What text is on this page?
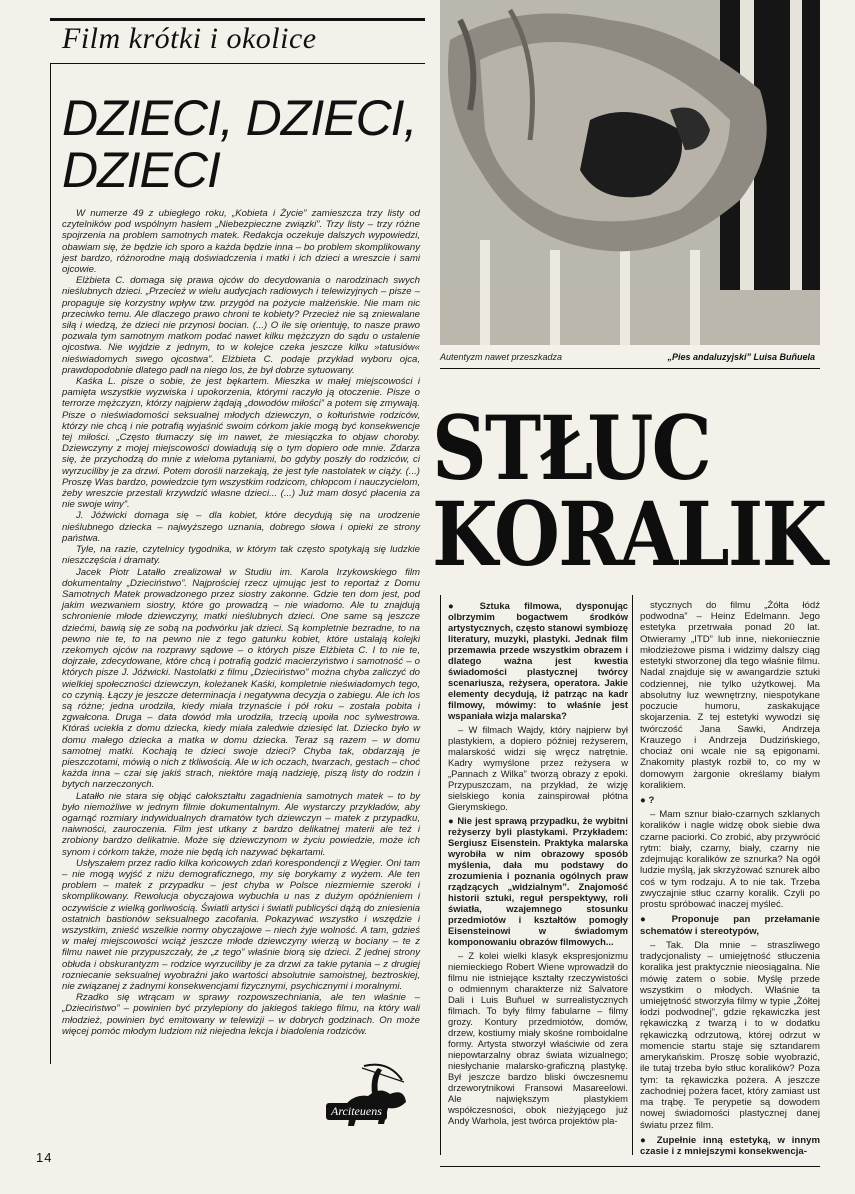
Film krótki i okolice
DZIECI, DZIECI,
DZIECI

W numerze 49 z ubiegłego roku, „Kobieta i Życie” zamieszcza trzy listy od czytelników pod wspólnym hasłem „Niebezpieczne związki”. Trzy listy – trzy różne spojrzenia na problem samotnych matek. Redakcja oczekuje dalszych wypowiedzi, obawiam się, że będzie ich sporo a każda będzie inna – bo problem skomplikowany jest bardzo, różnorodne mają doświadczenia i matki i ich dzieci a wreszcie i sami ojcowie.

Elżbieta C. domaga się prawa ojców do decydowania o narodzinach swych nieślubnych dzieci. „Przecież w wielu audycjach radiowych i telewizyjnych – pisze – propaguje się korzystny wpływ tzw. przygód na pożycie małżeńskie. Nie mam nic przeciwko temu. Ale dlaczego prawo chroni te kobiety? Przecież nie są zniewalane siłą i wiedzą, że dzieci nie przynosi bocian. (...) O ile się orientuję, to nasze prawo pozwala tym samotnym matkom podać nawet kilku mężczyzn do sądu o ustalenie ojcostwa. Nie wyjdzie z jednym, to w kolejce czeka jeszcze kilku »tatusiów« nieświadomych swego ojcostwa”. Elżbieta C. podaje przykład wyboru ojca, prawdopodobnie dlatego padł na niego los, że był dobrze sytuowany.

Kaśka L. pisze o sobie, że jest bękartem. Mieszka w małej miejscowości i pamięta wszystkie wyzwiska i upokorzenia, którymi raczyło ją otoczenie. Pisze o terrorze mężczyzn, którzy najpierw żądają „dowodów miłości” a potem się zmywają. Pisze o nieświadomości seksualnej młodych dziewczyn, o kołtuństwie rodziców, którzy nie chcą i nie potrafią wyjaśnić swoim córkom jakie mogą być konsekwencje tej miłości. „Często tłumaczy się im nawet, że miesiączka to objaw choroby. Dziewczyny z mojej miejscowości dowiadują się o tym dopiero ode mnie. Zdarza się, że przychodzą do mnie z wieloma pytaniami, bo gdyby poszły do rodziców, ci wyrzuciliby je za drzwi. Potem dorośli narzekają, że jest tyle nastolatek w ciąży. (...) Proszę Was bardzo, powiedzcie tym wszystkim rodzicom, chłopcom i nauczycielom, żeby wreszcie przestali krzywdzić własne dzieci... (...) Już mam dosyć płacenia za nie swoje winy”.

J. Jóźwicki domaga się – dla kobiet, które decydują się na urodzenie nieślubnego dziecka – najwyższego uznania, dobrego słowa i opieki ze strony państwa.

Tyle, na razie, czytelnicy tygodnika, w którym tak często spotykają się ludzkie nieszczęścia i dramaty.

Jacek Piotr Latałło zrealizował w Studiu im. Karola Irzykowskiego film dokumentalny „Dzieciństwo”. Najprościej rzecz ujmując jest to reportaż z Domu Samotnych Matek prowadzonego przez siostry zakonne. Gdzie ten dom jest, pod jakim wezwaniem siostry, które go prowadzą – nie wiadomo. Ale tu znajdują schronienie młode dziewczyny, matki nieślubnych dzieci. One same są jeszcze dziećmi, bawią się ze sobą na podwórku jak dzieci. Są kompletnie bezradne, to na pewno nie te, to na pewno nie z tego gatunku kobiet, które ustalają kolejki rzekomych ojców na rozprawy sądowe – o których pisze Elżbieta C. I to nie te, dojrzałe, zdecydowane, które chcą i potrafią godzić macierzyństwo i samotność – o których pisze J. Jóźwicki. Nastolatki z filmu „Dzieciństwo” można chyba zaliczyć do wielkiej społeczności dziewczyn, koleżanek Kaśki, kompletnie nieświadomych tego, co czynią. Łączy je jeszcze determinacja i negatywna decyzja o zabiegu. Ale ich los są różne; jedna urodziła, kiedy miała trzynaście i pół roku – została pobita i zgwałcona. Druga – data dowód mła urodziła, trzecią upoiła noc sylwestrowa. Któraś uciekła z domu dziecka, kiedy miała zaledwie dziesięć lat. Dziecko było w domu małego dziecka a matka w domu dziecka. Teraz są razem – w domu samotnej matki. Kochają te dzieci swoje dzieci? Chyba tak, obdarzają je pieszczotami, mówią o nich z tkliwością. Ale w ich oczach, twarzach, gestach – choć każda inna – czai się jakiś strach, niektóre mają nadzieję, piszą listy do rodzin i bytych narzeczonych.

Latałło nie stara się objąć całokształtu zagadnienia samotnych matek – to by było niemożliwe w jednym filmie dokumentalnym. Ale wystarczy przykładów, aby ogarnąć rozmiary indywidualnych dramatów tych dziewczyn – matek z przypadku, naiwności, zauroczenia. Film jest utkany z bardzo delikatnej materii ale też i zrobiony bardzo delikatnie. Może się dziewczynom w życiu powiedzie, może ich synom i córkom także, może nie będą ich nazywać bękartami.

Usłyszałem przez radio kilka końcowych zdań korespondencji z Węgier. Oni tam – nie mogą wyjść z niżu demograficznego, my się borykamy z wyżem. Ale ten problem – matek z przypadku – jest chyba w Polsce niezmiernie szeroki i skomplikowany. Rewolucja obyczajowa wybuchła u nas z dużym opóźnieniem i oczywiście z wielką gorliwością. Światli artyści i światli publicyści dążą do zniesienia ostatnich bastionów seksualnego zacofania. Pokazywać wszystko i wszędzie i wszystkim, znieść wszelkie normy obyczajowe – niech żyje wolność. A tam, gdzieś w małej miejscowości wciąż jeszcze młode dziewczyny wierzą w bociany – te z filmu nawet nie przypuszczały, że „z tego” właśnie biorą się dzieci. Z jednej strony obłuda i obskurantyzm – rodzice wyrzuciliby je za drzwi za takie pytania – z drugiej rozniecanie seksualnej wyobraźni jako wartości absolutnie samoistnej, beztroskiej, nie związanej z żadnymi konsekwencjami fizycznymi, psychicznymi i moralnymi.

Rzadko się wtrącam w sprawy rozpowszechniania, ale ten właśnie – „Dzieciństwo” – powinien być przylepiony do jakiegoś takiego filmu, na który wali młodzież, powinien być emitowany w telewizji – w dobrych godzinach. On może więcej pomóc młodym ludziom niż niejedna lekcja i biadolenia rodziców.

Arciteuens
14
Autentyzm nawet przeszkadza	„Pies andaluzyjski” Luisa Buñuela
STŁUC
KORALIK

● Sztuka filmowa, dysponując olbrzymim bogactwem środków artystycznych, często stanowi symbiozę literatury, muzyki, plastyki. Jednak film przemawia przede wszystkim obrazem i dlatego ważna jest kwestia świadomości plastycznej twórcy scenariusza, reżysera, operatora. Jakie elementy decydują, iż patrząc na kadr filmowy, mówimy: to właśnie jest wspaniała wizja malarska?

– W filmach Wajdy, który najpierw był plastykiem, a dopiero później reżyserem, malarskość widzi się wręcz natrętnie. Kadry wymyślone przez reżysera w „Pannach z Wilka” tworzą obrazy z epoki. Przypuszczam, na przykład, że wizję sielskiego konia zainspirował płótna Gierymskiego.

● Nie jest sprawą przypadku, że wybitni reżyserzy byli plastykami. Przykładem: Sergiusz Eisenstein. Praktyka malarska wyrobiła w nim obrazowy sposób myślenia, dała mu podstawy do zrozumienia i poznania ogólnych praw rządzących „widzialnym”. Znajomość historii sztuki, reguł perspektywy, roli światła, wzajemnego stosunku przedmiotów i kształtów pomogły Eisensteinowi w świadomym komponowaniu obrazów filmowych...

– Z kolei wielki klasyk ekspresjonizmu niemieckiego Robert Wiene wprowadził do filmu nie istniejące kształty rzeczywistości o odmiennym charakterze niż Salvatore Dali i Luis Buñuel w surrealistycznych filmach. To były filmy fabularne – filmy grozy. Kontury przedmiotów, domów, drzew, kostiumy miały skośne romboidalne formy. Artysta stworzył właściwie od zera niepowtarzalny obraz świata wizualnego; niesłychanie malarsko-graficzną plastykę. Był jeszcze bardzo bliski ówczesnemu drzeworytnikowi Fransowi Masareelowi. Ale największym plastykiem współczesności, obok nieżyjącego już Andy Warhola, jest twórca projektów pla-

stycznych do filmu „Żółta łódź podwodna” – Heinz Edelmann. Jego estetyka przetrwała ponad 20 lat. Otwieramy „ITD” lub inne, niekoniecznie młodzieżowe pisma i widzimy dalszy ciąg estetyki stworzonej dla tego właśnie filmu. Nadal znajduje się w awangardzie sztuki codziennej, nie tylko użytkowej. Ma absolutny luz wewnętrzny, niespotykane poczucie humoru, zaskakujące skojarzenia. Z tej estetyki wywodzi się twórczość Jana Sawki, Andrzeja Krauzego i Andrzeja Dudzińskiego, chociaż oni wcale nie są epigonami. Znakomity plastyk rozbił to, co my w domowym żargonie określamy białym koralikiem.

● ?

– Mam sznur biało-czarnych szklanych koralików i nagle widzę obok siebie dwa czarne paciorki. Co zrobić, aby przywrócić rytm: biały, czarny, biały, czarny nie zdejmując koralików ze sznurka? Na ogół ludzie myślą, jak skrzyżować sznurek albo coś w tym rodzaju. A to nie tak. Trzeba zwyczajnie stłuc czarny koralik. Czyli po prostu spróbować inaczej myśleć.

● Proponuje pan przełamanie schematów i stereotypów,

– Tak. Dla mnie – straszliwego tradycjonalisty – umiejętność stłuczenia koralika jest praktycznie nieosiągalna. Nie mówię zatem o sobie. Myślę przede wszystkim o młodych. Właśnie ta umiejętność stworzyła filmy w typie „Żółtej łodzi podwodnej”, gdzie rękawiczka jest rękawiczką z twarzą i to w dodatku rękawiczką odrzutową, której odrzut w momencie startu staje się sztandarem amerykańskim. Proszę sobie wyobrazić, ile tutaj trzeba było stłuc koralików? Poza tym: ta rękawiczka pożera. A jeszcze zachodniej pożera facet, który zamiast ust ma trąbę. Te perypetie są dowodem nowej świadomości plastycznej danej światu przez film.

● Zupełnie inną estetyką, w innym czasie i z mniejszymi konsekwencja-
